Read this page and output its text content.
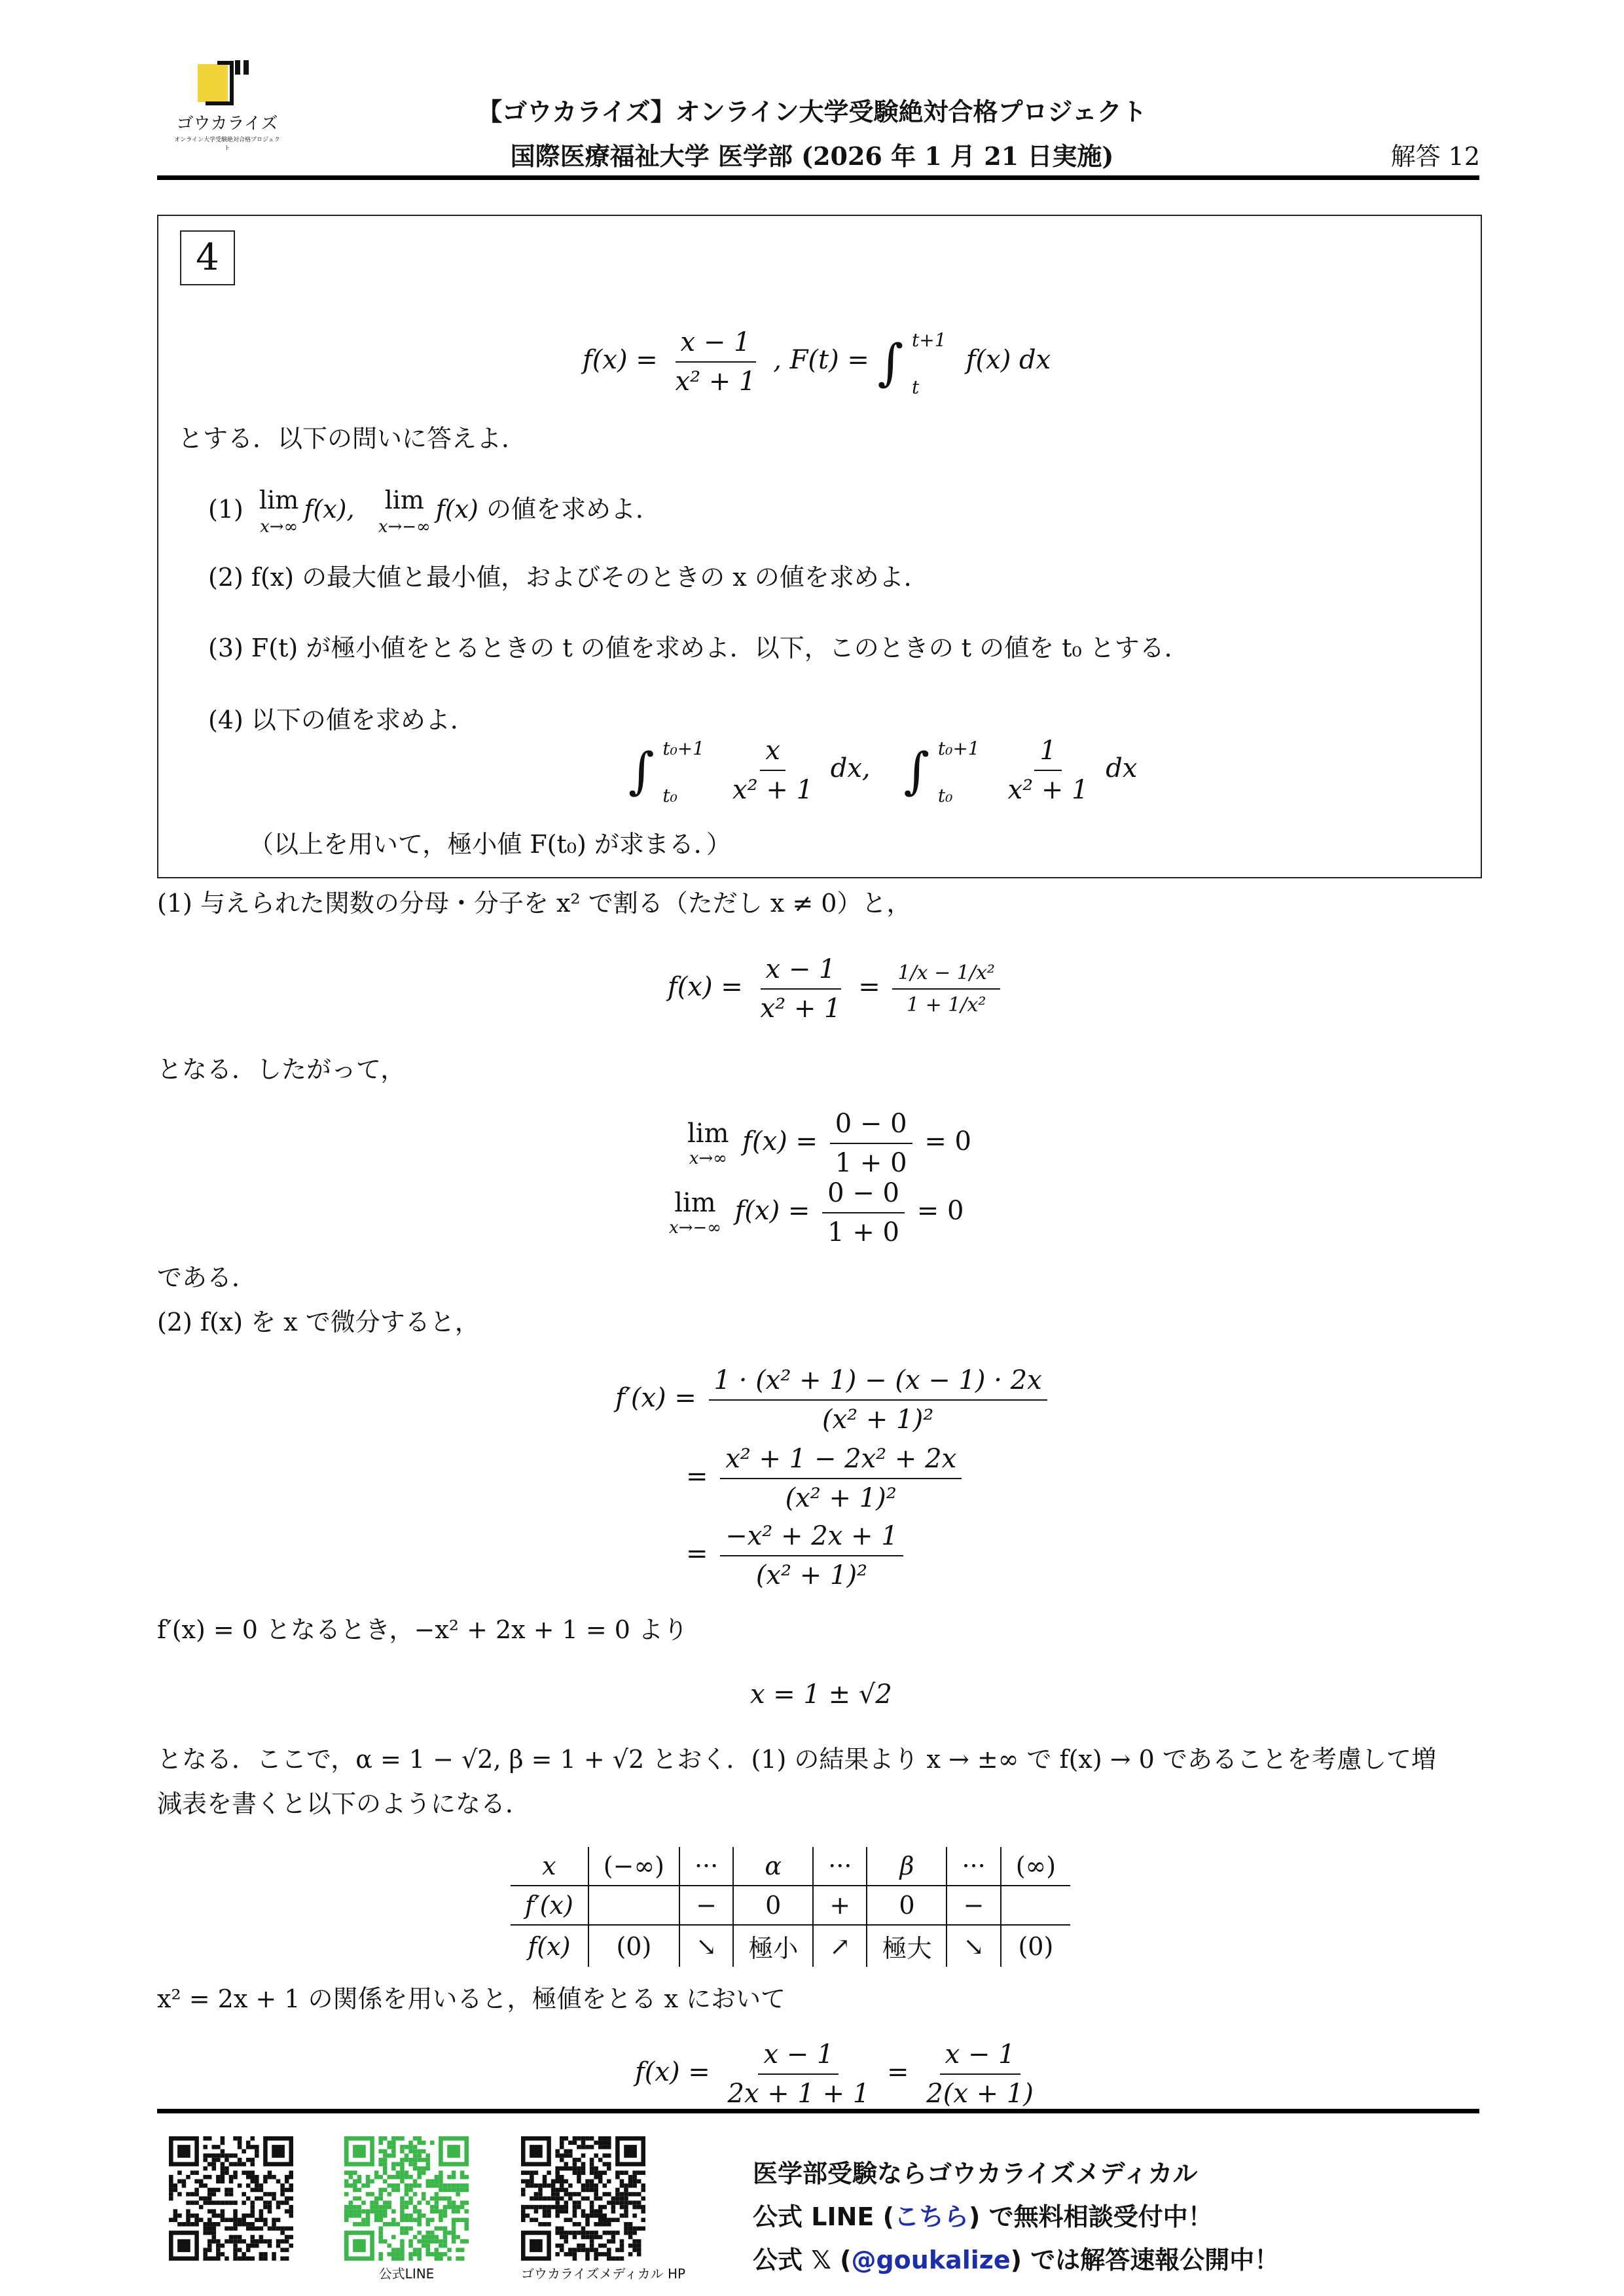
ゴウカライズ
オンライン大学受験絶対合格プロジェクト
【ゴウカライズ】オンライン大学受験絶対合格プロジェクト
国際医療福祉大学 医学部 (2026 年 1 月 21 日実施)	解答 12
4
$f(x) = \frac{x - 1}{\text{x² + 1}}$ , F(t) = ∫ t+1
t
f(x) dx
とする．以下の問いに答えよ．
(1) lim
x→∞
f(x), lim
x→−∞
f(x) の値を求めよ．
(2) f(x) の最大値と最小値，およびそのときの x の値を求めよ．
(3) F(t) が極小値をとるときの t の値を求めよ．以下，このときの t の値を t₀ とする．
(4) 以下の値を求めよ．
∫ t₀+1
t₀
$\frac{x}{\text{x² + 1}}$ dx, ∫ t₀+1
t₀
$\frac{1}{\text{x² + 1}}$ dx
（以上を用いて，極小値 F(t₀) が求まる．）
(1) 与えられた関数の分母・分子を x² で割る（ただし x ≠ 0）と，
$f(x) = \frac{x - 1}{\text{x² + 1}} = \frac{\text{1/x − 1/x²}}{\text{1 + 1/x²}}$
となる．したがって，
lim
x→∞
$f(x) = \frac{0 - 0}{1 + 0} = 0$
lim
x→−∞
$f(x) = \frac{0 - 0}{1 + 0} = 0$
である．
(2) f(x) を x で微分すると，
$f'(x) = \frac{\text{1 · (x² + 1) − (x − 1) · 2x}}{\text{(x² + 1)²}}$
= $\frac{\text{x² + 1 − 2x² + 2x}}{\text{(x² + 1)²}}$
= $\frac{\text{−x² + 2x + 1}}{\text{(x² + 1)²}}$
f′(x) = 0 となるとき，−x² + 2x + 1 = 0 より
x = 1 ± √2
となる．ここで，α = 1 − √2, β = 1 + √2 とおく．(1) の結果より x → ±∞ で f(x) → 0 であることを考慮して増
減表を書くと以下のようになる．
x	(−∞)	···	α	···	β	···	(∞)
f′(x)		−	0	+	0	−	
f(x)	(0)	↘	極小	↗	極大	↘	(0)
x² = 2x + 1 の関係を用いると，極値をとる x において
$f(x) = \frac{x - 1}{2x + 1 + 1} = \frac{x - 1}{2(x + 1)}$
公式LINE	ゴウカライズメディカル HP
医学部受験ならゴウカライズメディカル
公式 LINE (こちら) で無料相談受付中！
公式 𝕏 (@goukalize) では解答速報公開中！
